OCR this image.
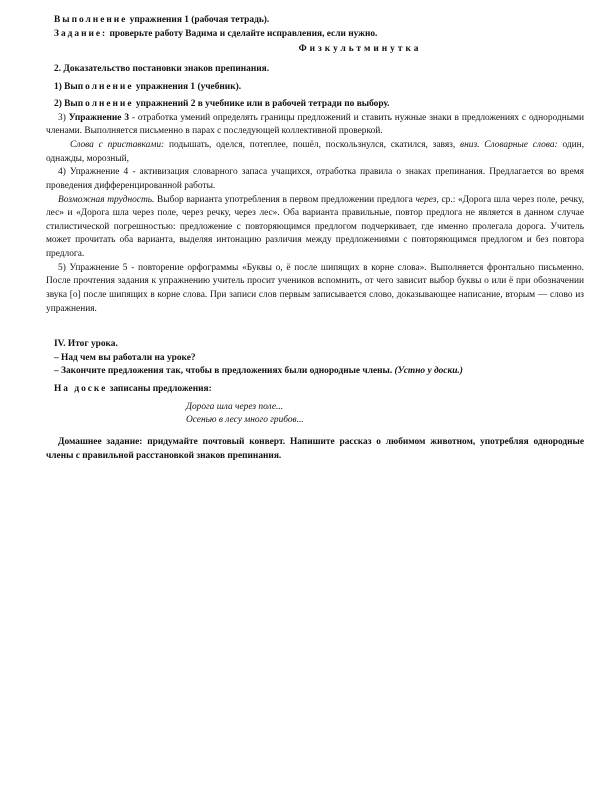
Выполнение упражнения 1 (рабочая тетрадь).

Задание: проверьте работу Вадима и сделайте исправления, если нужно.

Физкультминутка

2. Доказательство постановки знаков препинания.

1) Выполнение упражнения 1 (учебник).

2) Выполнение упражнений 2 в учебнике или в рабочей тетради по выбору.

3) Упражнение 3 - отработка умений определять границы предложений и ставить нужные знаки в предложениях с однородными членами. Выполняется письменно в парах с последующей коллективной проверкой.

Слова с приставками: подышать, оделся, потеплее, пошёл, поскользнулся, скатился, завяз, вниз. Словарные слова: один, однажды, морозный,

4) Упражнение 4 - активизация словарного запаса учащихся, отработка правила о знаках препинания. Предлагается во время проведения дифференцированной работы.

Возможная трудность. Выбор варианта употребления в первом предложении предлога через, ср.: «Дорога шла через поле, речку, лес» и «Дорога шла через поле, через речку, через лес». Оба варианта правильные, повтор предлога не является в данном случае стилистической погрешностью: предложение с повторяющимся предлогом подчеркивает, где именно пролегала дорога. Учитель может прочитать оба варианта, выделяя интонацию различия между предложениями с повторяющимся предлогом и без повтора предлога.

5) Упражнение 5 - повторение орфограммы «Буквы о, ё после шипящих в корне слова». Выполняется фронтально письменно. После прочтения задания к упражнению учитель просит учеников вспомнить, от чего зависит выбор буквы о или ё при обозначении звука [о] после шипящих в корне слова. При записи слов первым записывается слово, доказывающее написание, вторым — слово из упражнения.

IV. Итог урока.

– Над чем вы работали на уроке?

– Закончите предложения так, чтобы в предложениях были однородные члены. (Устно у доски.)

На доске записаны предложения:

Дорога шла через поле...

Осенью в лесу много грибов...

Домашнее задание: придумайте почтовый конверт. Напишите рассказ о любимом животном, употребляя однородные члены с правильной расстановкой знаков препинания.
